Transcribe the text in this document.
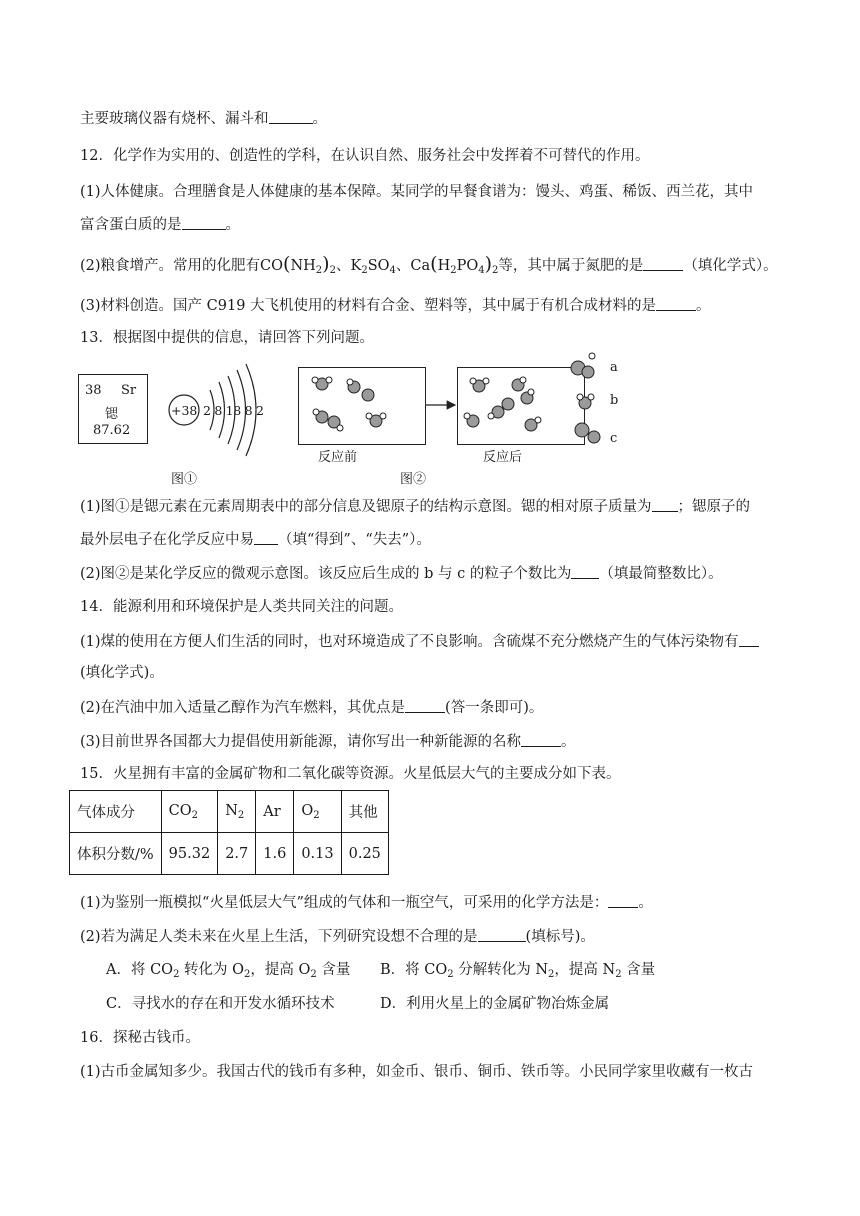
主要玻璃仪器有烧杯、漏斗和	。
12．化学作为实用的、创造性的学科，在认识自然、服务社会中发挥着不可替代的作用。
(1)人体健康。合理膳食是人体健康的基本保障。某同学的早餐食谱为：馒头、鸡蛋、稀饭、西兰花，其中
富含蛋白质的是	。
(2)粮食增产。常用的化肥有$CO(NH_2)_2$、$K_2SO_4$、$Ca(H_2PO_4)_2$等，其中属于氮肥的是	（填化学式）。
(3)材料创造。国产 C919 大飞机使用的材料有合金、塑料等，其中属于有机合成材料的是	。
13．根据图中提供的信息，请回答下列问题。
38 Sr
锶
87.62
+38 2 8 18 8 2
a
b
c
反应前	反应后
图①	图②
(1)图①是锶元素在元素周期表中的部分信息及锶原子的结构示意图。锶的相对原子质量为 ；锶原子的
最外层电子在化学反应中易 （填“得到”、“失去”）。
(2)图②是某化学反应的微观示意图。该反应后生成的 b 与 c 的粒子个数比为 （填最简整数比）。
14．能源利用和环境保护是人类共同关注的问题。
(1)煤的使用在方便人们生活的同时，也对环境造成了不良影响。含硫煤不充分燃烧产生的气体污染物有
(填化学式)。
(2)在汽油中加入适量乙醇作为汽车燃料，其优点是	(答一条即可)。
(3)目前世界各国都大力提倡使用新能源，请你写出一种新能源的名称	。
15．火星拥有丰富的金属矿物和二氧化碳等资源。火星低层大气的主要成分如下表。
气体成分	$CO_2$	$N_2$	Ar	$O_2$	其他
体积分数/%	95.32	2.7	1.6	0.13	0.25
(1)为鉴别一瓶模拟“火星低层大气”组成的气体和一瓶空气，可采用的化学方法是： 。
(2)若为满足人类未来在火星上生活，下列研究设想不合理的是	(填标号)。
A．将 $CO_2$ 转化为 $O_2$，提高 $O_2$ 含量 B．将 $CO_2$ 分解转化为 $N_2$，提高 $N_2$ 含量
C．寻找水的存在和开发水循环技术	D．利用火星上的金属矿物冶炼金属
16．探秘古钱币。
(1)古币金属知多少。我国古代的钱币有多种，如金币、银币、铜币、铁币等。小民同学家里收藏有一枚古
